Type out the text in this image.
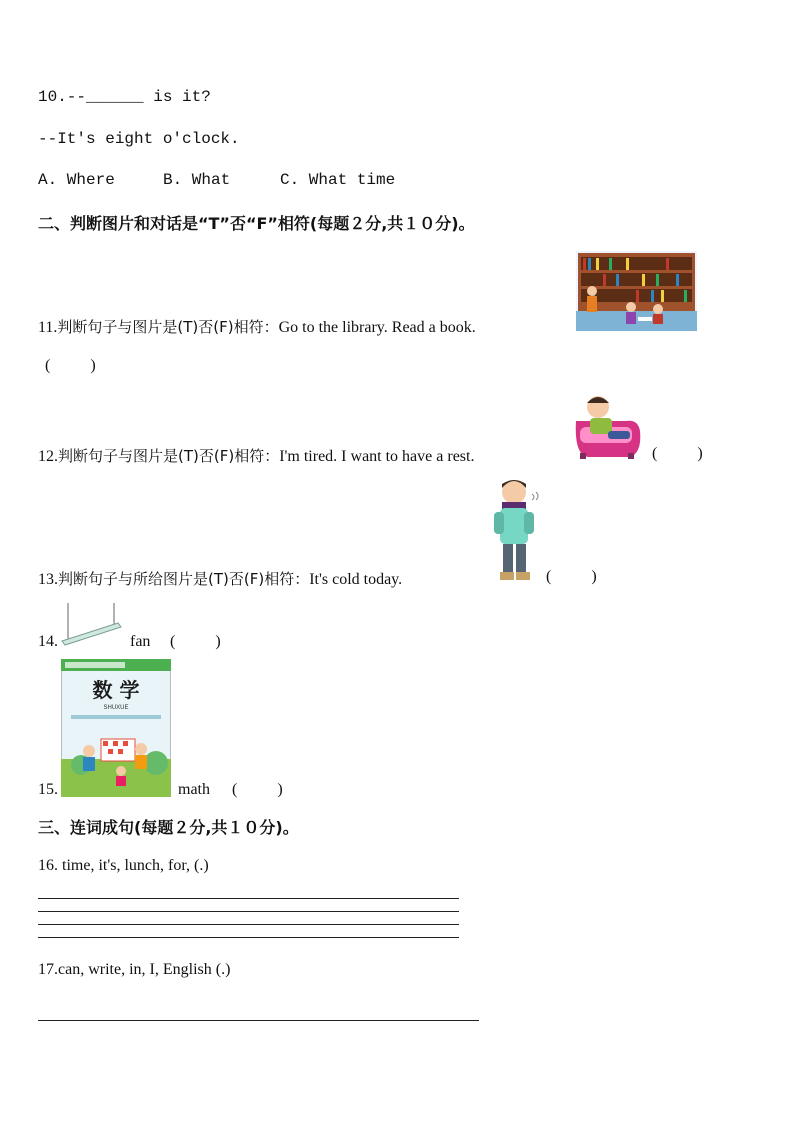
10.--______ is it?
--It's eight o'clock.
A. Where	B. What	C. What time
二、判断图片和对话是“T”否“F”相符(每题２分,共１０分)。
11.判断句子与图片是(T)否(F)相符：Go to the library. Read a book.
(          )
12.判断句子与图片是(T)否(F)相符：I'm tired. I want to have a rest.	(          )
13.判断句子与所给图片是(T)否(F)相符：It's cold today.	(          )
14.	fan (          )
15.
数 学
SHUXUE
math (          )
三、连词成句(每题２分,共１０分)。
16. time, it's, lunch, for, (.)
17.can, write, in, I, English (.)
